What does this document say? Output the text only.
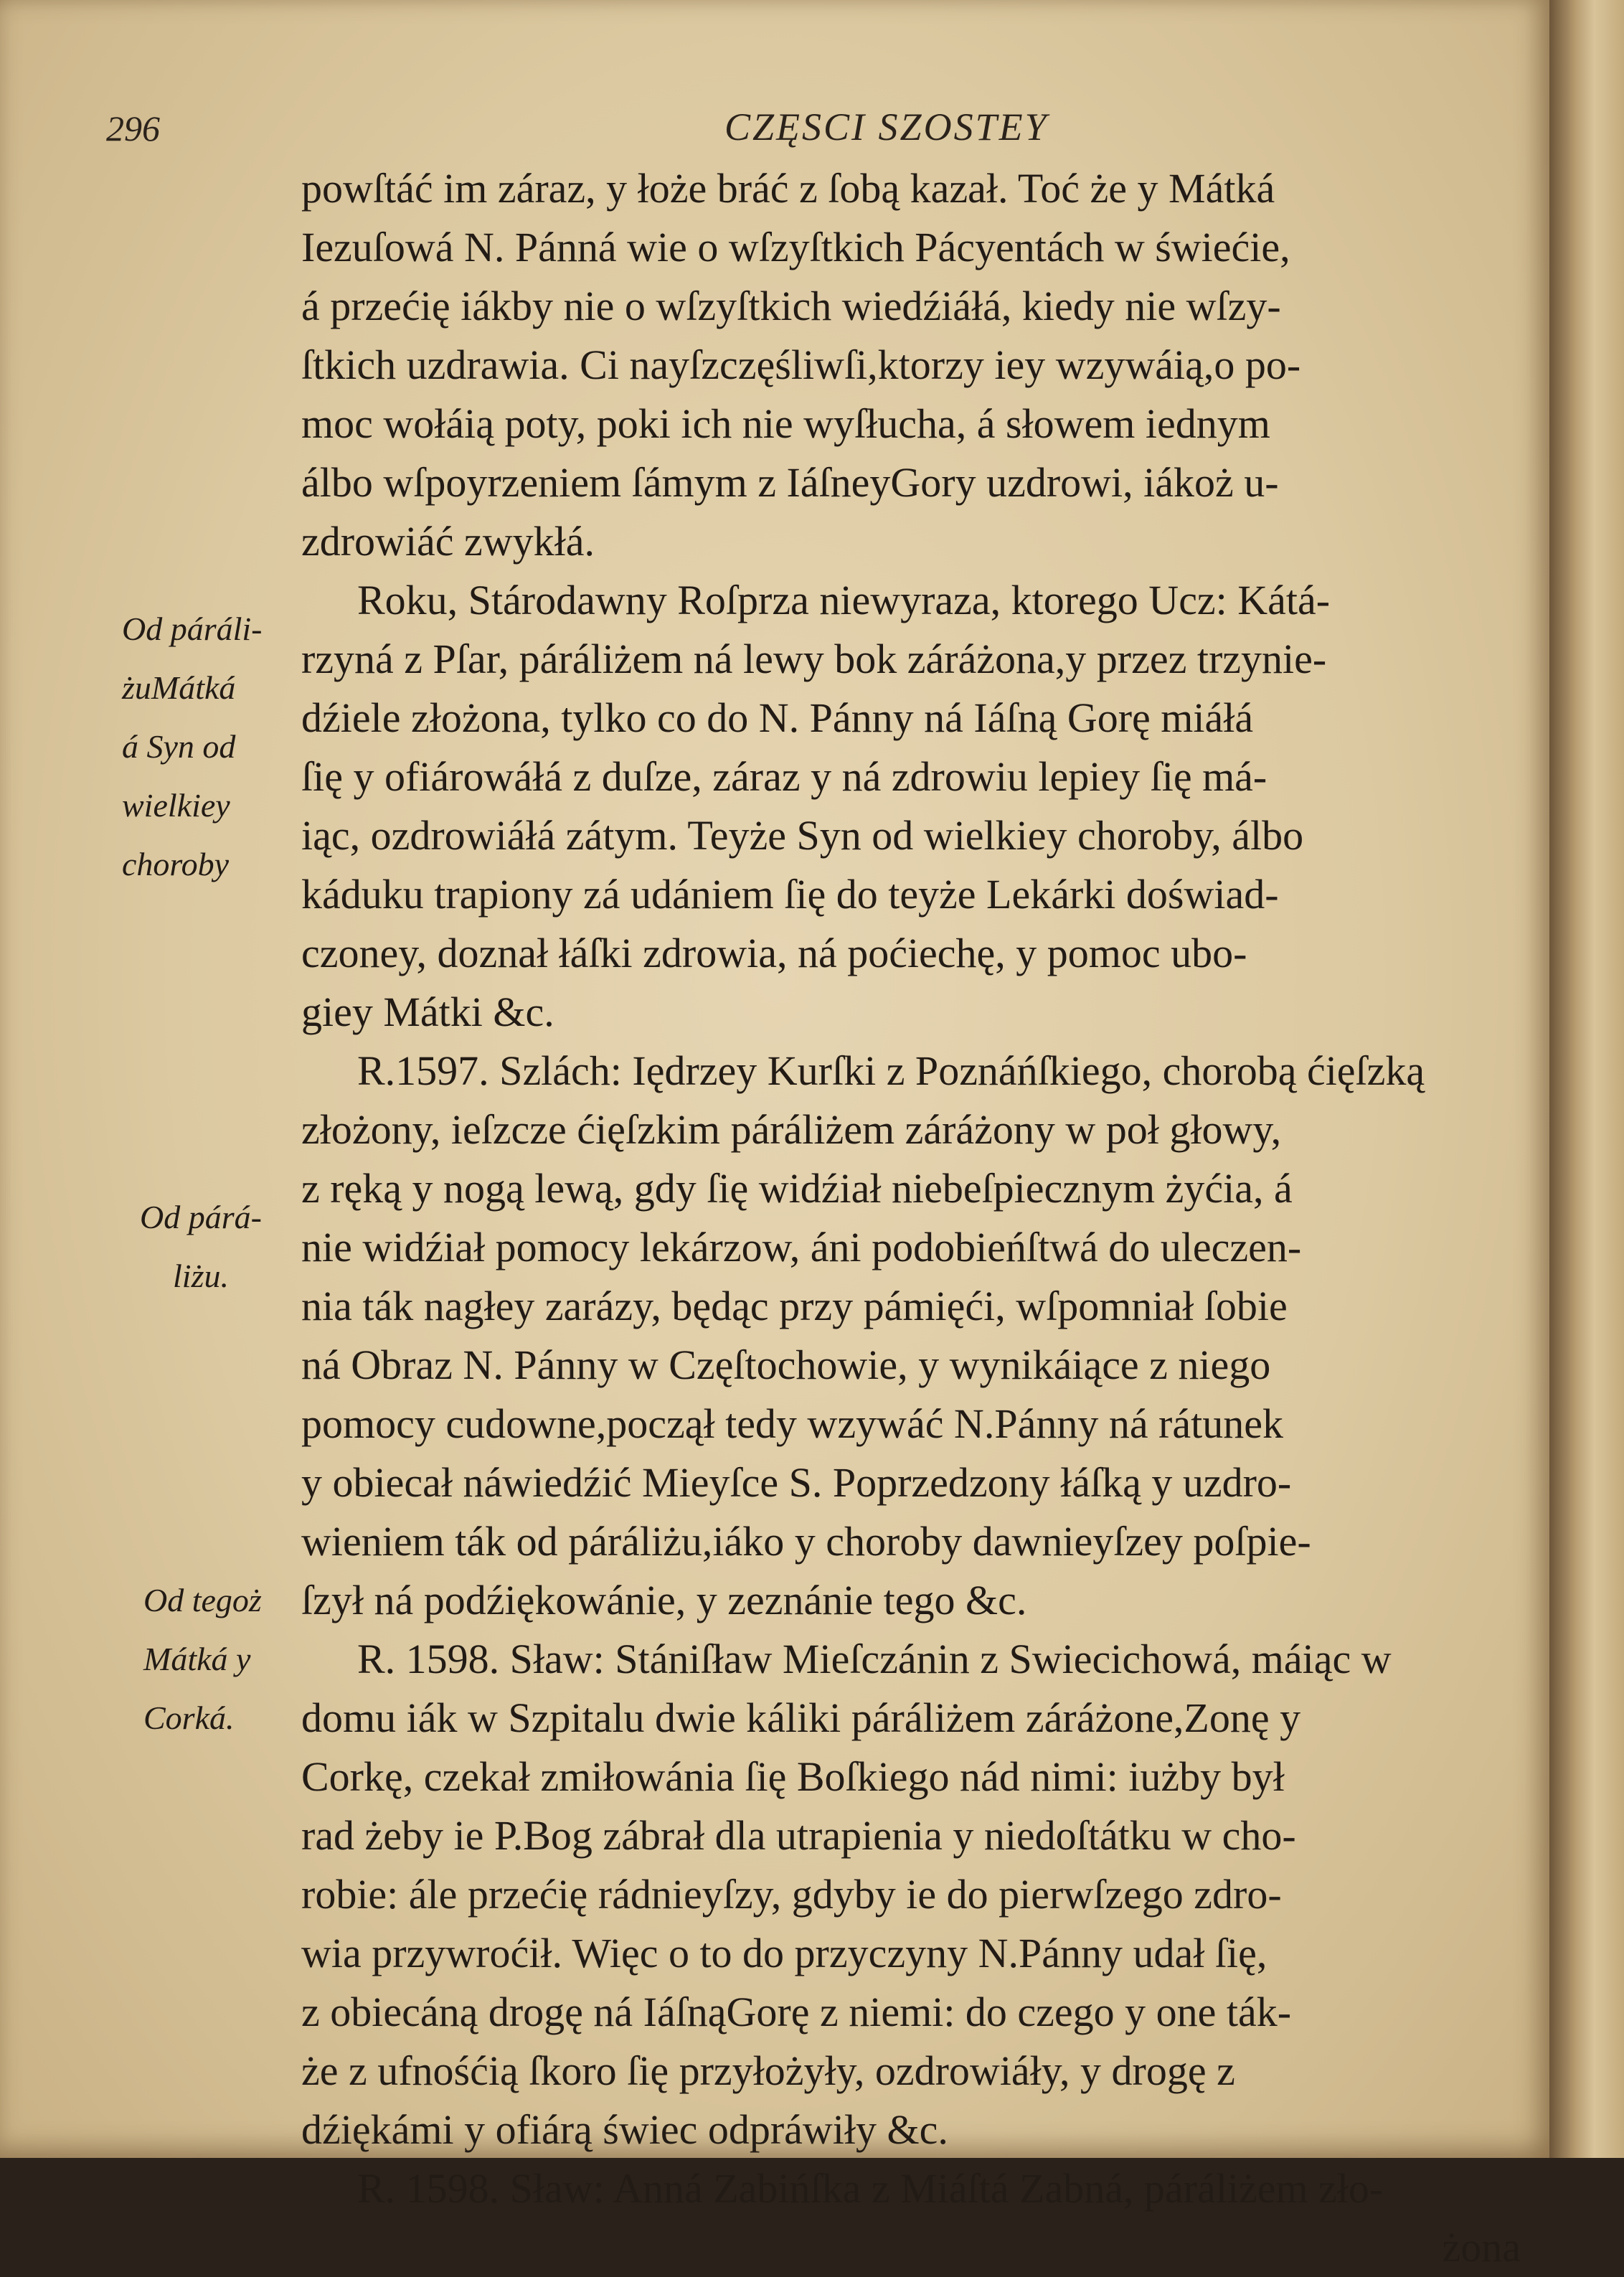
296	CZĘSCI SZOSTEY
powſtáć im záraz, y łoże bráć z ſobą kazał. Toć że y Mátká
Iezuſowá N. Pánná wie o wſzyſtkich Pácyentách w świećie,
á przećię iákby nie o wſzyſtkich wiedźiáłá, kiedy nie wſzy-
ſtkich uzdrawia. Ci nayſzczęśliwſi,ktorzy iey wzywáią,o po-
moc wołáią poty, poki ich nie wyſłucha, á słowem iednym
álbo wſpoyrzeniem ſámym z IáſneyGory uzdrowi, iákoż u-
zdrowiáć zwykłá.
Roku, Stárodawny Roſprza niewyraza, ktorego Ucz: Kátá-
rzyná z Pſar, páráliżem ná lewy bok záráżona,y przez trzynie-
dźiele złożona, tylko co do N. Pánny ná Iáſną Gorę miáłá
ſię y ofiárowáłá z duſze, záraz y ná zdrowiu lepiey ſię má-
iąc, ozdrowiáłá zátym. Teyże Syn od wielkiey choroby, álbo
káduku trapiony zá udániem ſię do teyże Lekárki doświad-
czoney, doznał łáſki zdrowia, ná poćiechę, y pomoc ubo-
giey Mátki &c.
R.1597. Szlách: Iędrzey Kurſki z Poznáńſkiego, chorobą ćięſzką
złożony, ieſzcze ćięſzkim páráliżem záráżony w poł głowy,
z ręką y nogą lewą, gdy ſię widźiał niebeſpiecznym żyćia, á
nie widźiał pomocy lekárzow, áni podobieńſtwá do uleczen-
nia ták nagłey zarázy, będąc przy pámięći, wſpomniał ſobie
ná Obraz N. Pánny w Częſtochowie, y wynikáiące z niego
pomocy cudowne,począł tedy wzywáć N.Pánny ná rátunek
y obiecał náwiedźić Mieyſce S. Poprzedzony łáſką y uzdro-
wieniem ták od páráliżu,iáko y choroby dawnieyſzey poſpie-
ſzył ná podźiękowánie, y zeznánie tego &c.
R. 1598. Sław: Stániſław Mieſczánin z Swiecichowá, máiąc w
domu iák w Szpitalu dwie káliki páráliżem záráżone,Zonę y
Corkę, czekał zmiłowánia ſię Boſkiego nád nimi: iużby był
rad żeby ie P.Bog zábrał dla utrapienia y niedoſtátku w cho-
robie: ále przećię rádnieyſzy, gdyby ie do pierwſzego zdro-
wia przywroćił. Więc o to do przyczyny N.Pánny udał ſię,
z obiecáną drogę ná IáſnąGorę z niemi: do czego y one ták-
że z ufnośćią ſkoro ſię przyłożyły, ozdrowiáły, y drogę z
dźiękámi y ofiárą świec odpráwiły &c.
R. 1598. Sław: Anná Zabińſka z Miáſtá Zabná, páráliżem zło-
żona
Od páráli-
żuMátká
á Syn od
wielkiey
choroby
Od párá-
liżu.
Od tegoż
Mátká y
Corká.
